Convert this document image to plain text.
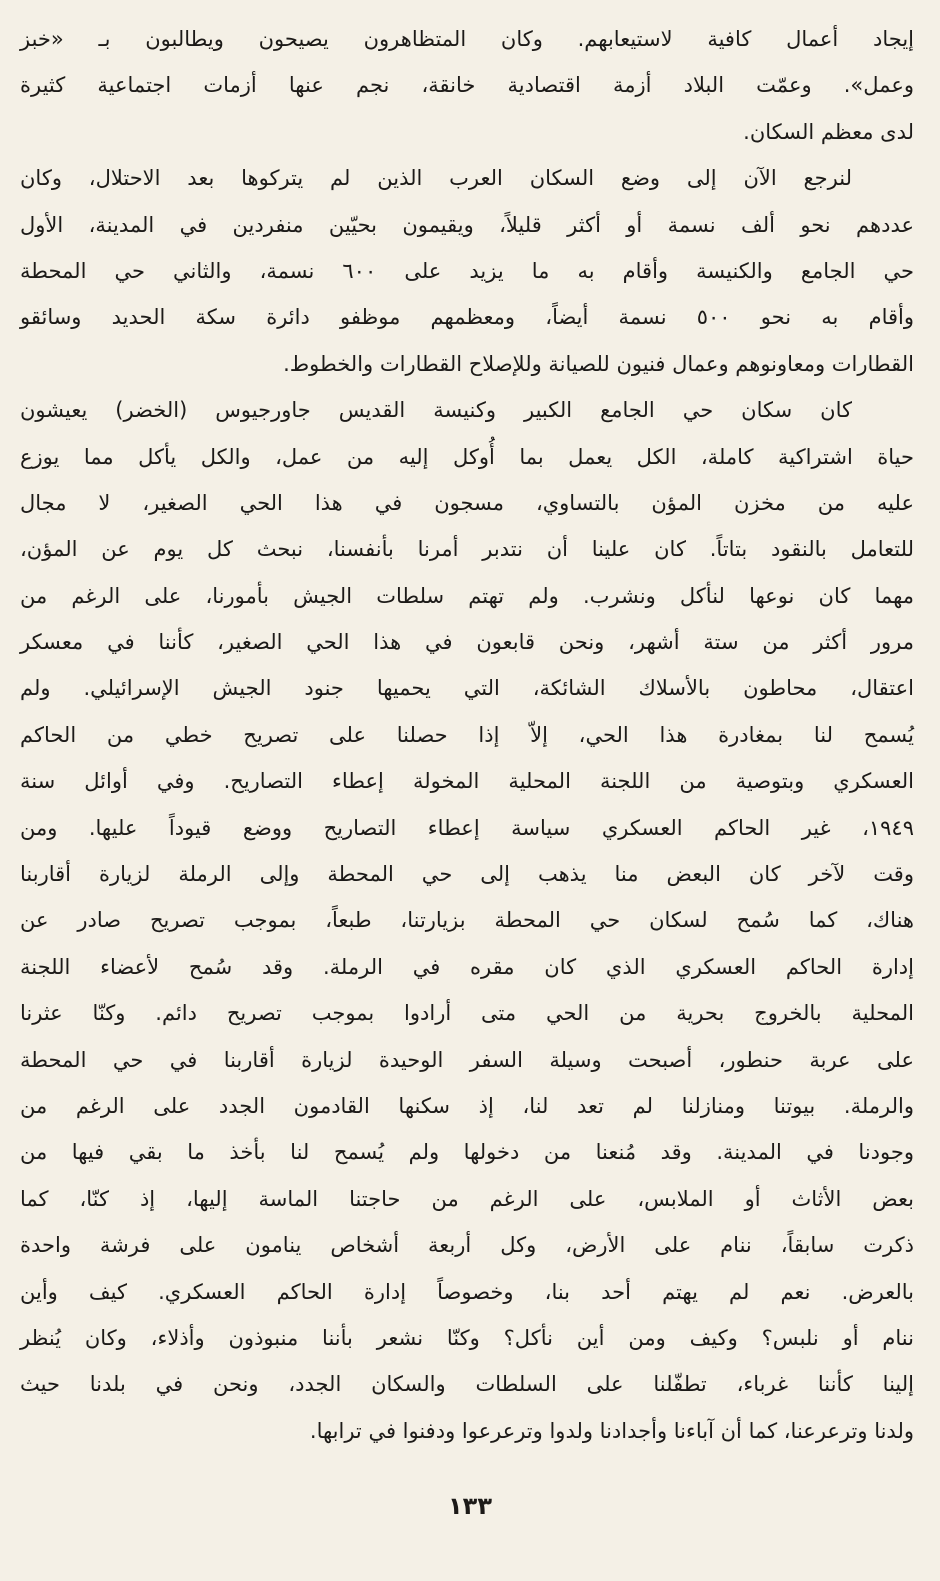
إيجاد أعمال كافية لاستيعابهم. وكان المتظاهرون يصيحون ويطالبون بـ «خبز
وعمل». وعمّت البلاد أزمة اقتصادية خانقة، نجم عنها أزمات اجتماعية كثيرة
لدى معظم السكان.
لنرجع الآن إلى وضع السكان العرب الذين لم يتركوها بعد الاحتلال، وكان
عددهم نحو ألف نسمة أو أكثر قليلاً، ويقيمون بحيّين منفردين في المدينة، الأول
حي الجامع والكنيسة وأقام به ما يزيد على ٦٠٠ نسمة، والثاني حي المحطة
وأقام به نحو ٥٠٠ نسمة أيضاً، ومعظمهم موظفو دائرة سكة الحديد وسائقو
القطارات ومعاونوهم وعمال فنيون للصيانة وللإصلاح القطارات والخطوط.
كان سكان حي الجامع الكبير وكنيسة القديس جاورجيوس (الخضر) يعيشون
حياة اشتراكية كاملة، الكل يعمل بما أُوكل إليه من عمل، والكل يأكل مما يوزع
عليه من مخزن المؤن بالتساوي، مسجون في هذا الحي الصغير، لا مجال
للتعامل بالنقود بتاتاً. كان علينا أن نتدبر أمرنا بأنفسنا، نبحث كل يوم عن المؤن،
مهما كان نوعها لنأكل ونشرب. ولم تهتم سلطات الجيش بأمورنا، على الرغم من
مرور أكثر من ستة أشهر، ونحن قابعون في هذا الحي الصغير، كأننا في معسكر
اعتقال، محاطون بالأسلاك الشائكة، التي يحميها جنود الجيش الإسرائيلي. ولم
يُسمح لنا بمغادرة هذا الحي، إلاّ إذا حصلنا على تصريح خطي من الحاكم
العسكري وبتوصية من اللجنة المحلية المخولة إعطاء التصاريح. وفي أوائل سنة
١٩٤٩، غير الحاكم العسكري سياسة إعطاء التصاريح ووضع قيوداً عليها. ومن
وقت لآخر كان البعض منا يذهب إلى حي المحطة وإلى الرملة لزيارة أقاربنا
هناك، كما سُمح لسكان حي المحطة بزيارتنا، طبعاً، بموجب تصريح صادر عن
إدارة الحاكم العسكري الذي كان مقره في الرملة. وقد سُمح لأعضاء اللجنة
المحلية بالخروج بحرية من الحي متى أرادوا بموجب تصريح دائم. وكنّا عثرنا
على عربة حنطور، أصبحت وسيلة السفر الوحيدة لزيارة أقاربنا في حي المحطة
والرملة. بيوتنا ومنازلنا لم تعد لنا، إذ سكنها القادمون الجدد على الرغم من
وجودنا في المدينة. وقد مُنعنا من دخولها ولم يُسمح لنا بأخذ ما بقي فيها من
بعض الأثاث أو الملابس، على الرغم من حاجتنا الماسة إليها، إذ كنّا، كما
ذكرت سابقاً، ننام على الأرض، وكل أربعة أشخاص ينامون على فرشة واحدة
بالعرض. نعم لم يهتم أحد بنا، وخصوصاً إدارة الحاكم العسكري. كيف وأين
ننام أو نلبس؟ وكيف ومن أين نأكل؟ وكنّا نشعر بأننا منبوذون وأذلاء، وكان يُنظر
إلينا كأننا غرباء، تطفّلنا على السلطات والسكان الجدد، ونحن في بلدنا حيث
ولدنا وترعرعنا، كما أن آباءنا وأجدادنا ولدوا وترعرعوا ودفنوا في ترابها.
١٣٣
